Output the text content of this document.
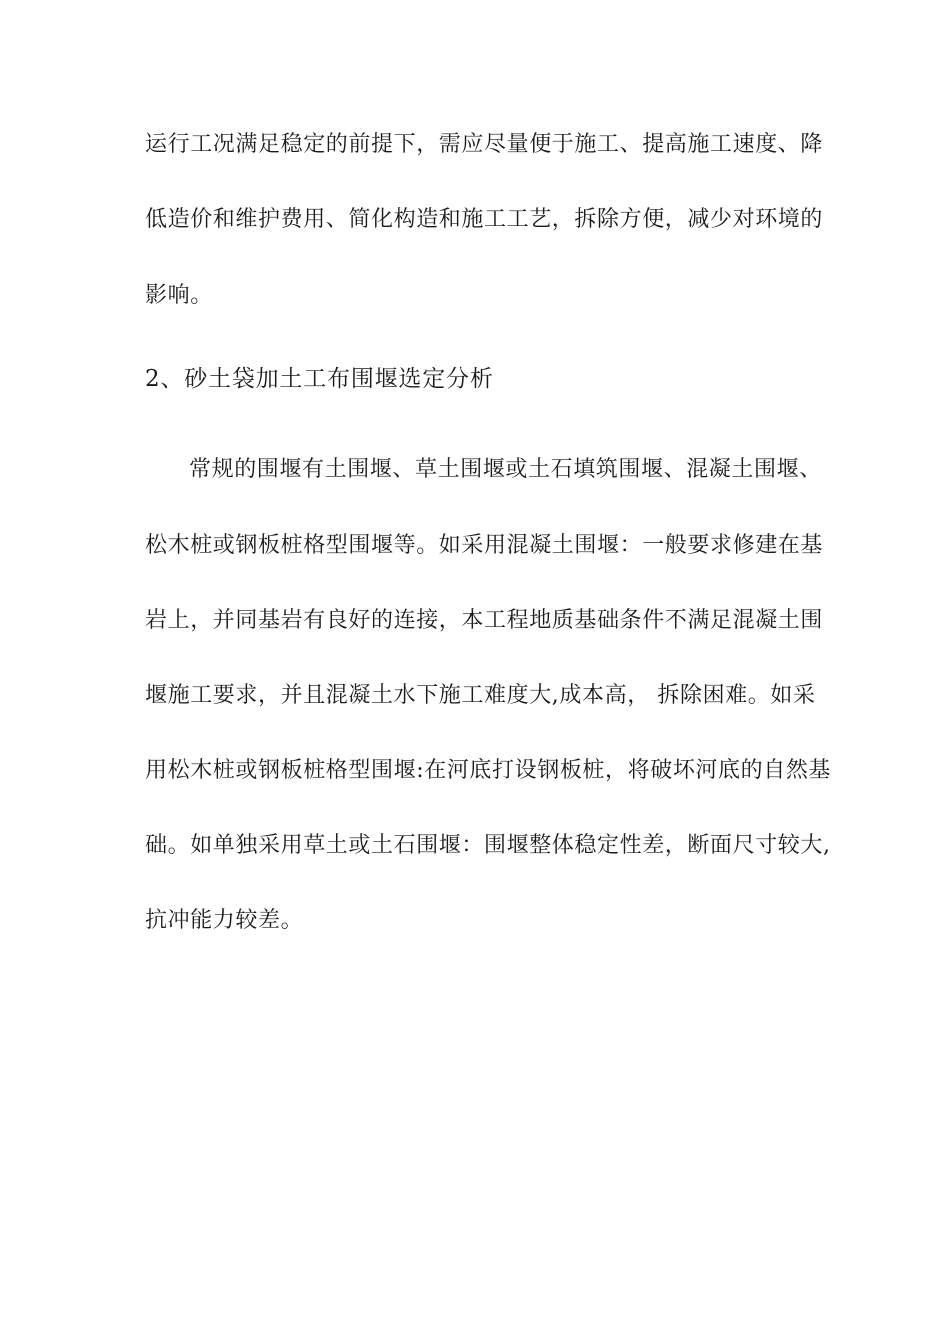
运行工况满足稳定的前提下，需应尽量便于施工、提高施工速度、降
低造价和维护费用、简化构造和施工工艺，拆除方便，减少对环境的
影响。
2、砂土袋加土工布围堰选定分析
常规的围堰有土围堰、草土围堰或土石填筑围堰、混凝土围堰、
松木桩或钢板桩格型围堰等。如采用混凝土围堰：一般要求修建在基
岩上，并同基岩有良好的连接，本工程地质基础条件不满足混凝土围
堰施工要求，并且混凝土水下施工难度大,成本高， 拆除困难。如采
用松木桩或钢板桩格型围堰:在河底打设钢板桩，将破坏河底的自然基
础。如单独采用草土或土石围堰：围堰整体稳定性差，断面尺寸较大,
抗冲能力较差。
